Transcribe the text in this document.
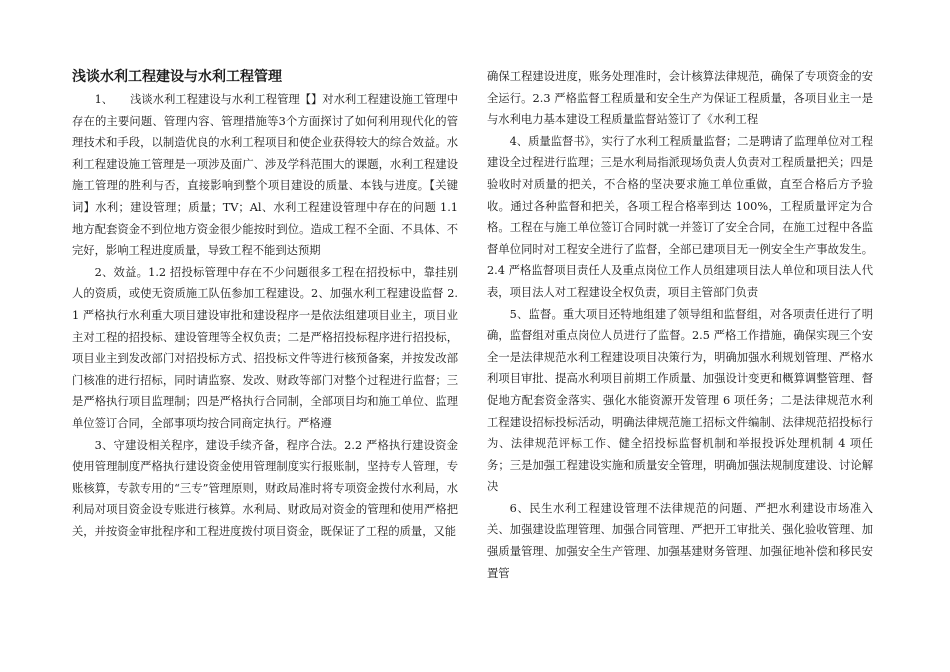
浅谈水利工程建设与水利工程管理

1、　　浅谈水利工程建设与水利工程管理【】对水利工程建设施工管理中存在的主要问题、管理内容、管理措施等3个方面探讨了如何利用现代化的管理技术和手段，以制造优良的水利工程项目和使企业获得较大的综合效益。水利工程建设施工管理是一项涉及面广、涉及学科范围大的课题，水利工程建设施工管理的胜利与否，直接影响到整个项目建设的质量、本钱与进度。【关键词】水利；建设管理；质量；TV；Al、水利工程建设管理中存在的问题 1.1 地方配套资金不到位地方资金很少能按时到位。造成工程不全面、不具体、不完好，影响工程进度质量，导致工程不能到达预期

2、效益。1.2 招投标管理中存在不少问题很多工程在招投标中，靠挂别人的资质，或使无资质施工队伍参加工程建设。2、加强水利工程建设监督 2.1 严格执行水利重大项目建设审批和建设程序一是依法组建项目业主，项目业主对工程的招投标、建设管理等全权负责；二是严格招投标程序进行招投标，项目业主到发改部门对招投标方式、招投标文件等进行核预备案，并按发改部门核准的进行招标，同时请监察、发改、财政等部门对整个过程进行监督；三是严格执行项目监理制；四是严格执行合同制，全部项目均和施工单位、监理单位签订合同，全部事项均按合同商定执行。严格遵

3、守建设相关程序，建设手续齐备，程序合法。2.2 严格执行建设资金使用管理制度严格执行建设资金使用管理制度实行报账制，坚持专人管理，专账核算，专款专用的“三专”管理原则，财政局准时将专项资金拨付水利局，水利局对项目资金设专账进行核算。水利局、财政局对资金的管理和使用严格把关，并按资金审批程序和工程进度拨付项目资金，既保证了工程的质量，又能

确保工程建设进度，账务处理准时，会计核算法律规范，确保了专项资金的安全运行。2.3 严格监督工程质量和安全生产为保证工程质量，各项目业主一是与水利电力基本建设工程质量监督站签订了《水利工程

4、质量监督书》，实行了水利工程质量监督；二是聘请了监理单位对工程建设全过程进行监理；三是水利局指派现场负责人负责对工程质量把关；四是验收时对质量的把关，不合格的坚决要求施工单位重做，直至合格后方予验收。通过各种监督和把关，各项工程合格率到达 100%，工程质量评定为合格。工程在与施工单位签订合同时就一并签订了安全合同，在施工过程中各监督单位同时对工程安全进行了监督，全部已建项目无一例安全生产事故发生。2.4 严格监督项目责任人及重点岗位工作人员组建项目法人单位和项目法人代表，项目法人对工程建设全权负责，项目主管部门负责

5、监督。重大项目还特地组建了领导组和监督组，对各项责任进行了明确，监督组对重点岗位人员进行了监督。2.5 严格工作措施，确保实现三个安全一是法律规范水利工程建设项目决策行为，明确加强水利规划管理、严格水利项目审批、提高水利项目前期工作质量、加强设计变更和概算调整管理、督促地方配套资金落实、强化水能资源开发管理 6 项任务；二是法律规范水利工程建设招标投标活动，明确法律规范施工招标文件编制、法律规范招投标行为、法律规范评标工作、健全招投标监督机制和举报投诉处理机制 4 项任务；三是加强工程建设实施和质量安全管理，明确加强法规制度建设、讨论解决

6、民生水利工程建设管理不法律规范的问题、严把水利建设市场准入关、加强建设监理管理、加强合同管理、严把开工审批关、强化验收管理、加强质量管理、加强安全生产管理、加强基建财务管理、加强征地补偿和移民安置管
